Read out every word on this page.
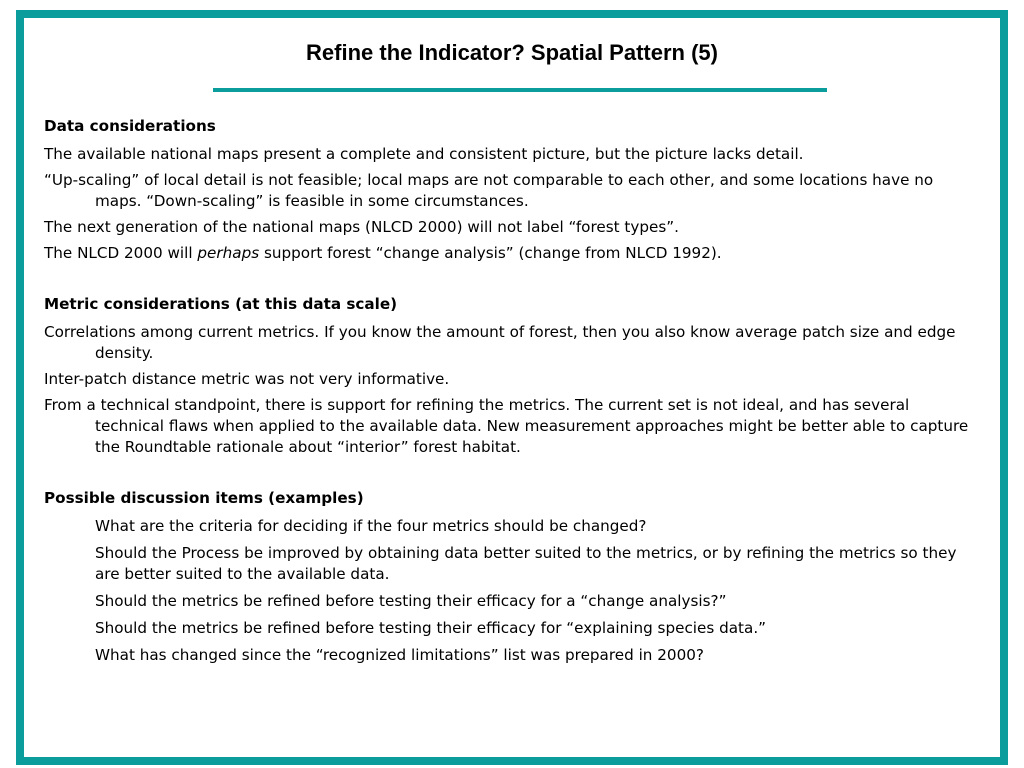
Refine the Indicator? Spatial Pattern (5)
Data considerations
The available national maps present a complete and consistent picture, but the picture lacks detail.
“Up-scaling” of local detail is not feasible; local maps are not comparable to each other, and some locations have no maps. “Down-scaling” is feasible in some circumstances.
The next generation of the national maps (NLCD 2000) will not label “forest types”.
The NLCD 2000 will perhaps support forest “change analysis” (change from NLCD 1992).
Metric considerations (at this data scale)
Correlations among current metrics. If you know the amount of forest, then you also know average patch size and edge density.
Inter-patch distance metric was not very informative.
From a technical standpoint, there is support for refining the metrics. The current set is not ideal, and has several technical flaws when applied to the available data. New measurement approaches might be better able to capture the Roundtable rationale about “interior” forest habitat.
Possible discussion items (examples)
What are the criteria for deciding if the four metrics should be changed?
Should the Process be improved by obtaining data better suited to the metrics, or by refining the metrics so they are better suited to the available data.
Should the metrics be refined before testing their efficacy for a “change analysis?”
Should the metrics be refined before testing their efficacy for “explaining species data.”
What has changed since the “recognized limitations” list was prepared in 2000?
